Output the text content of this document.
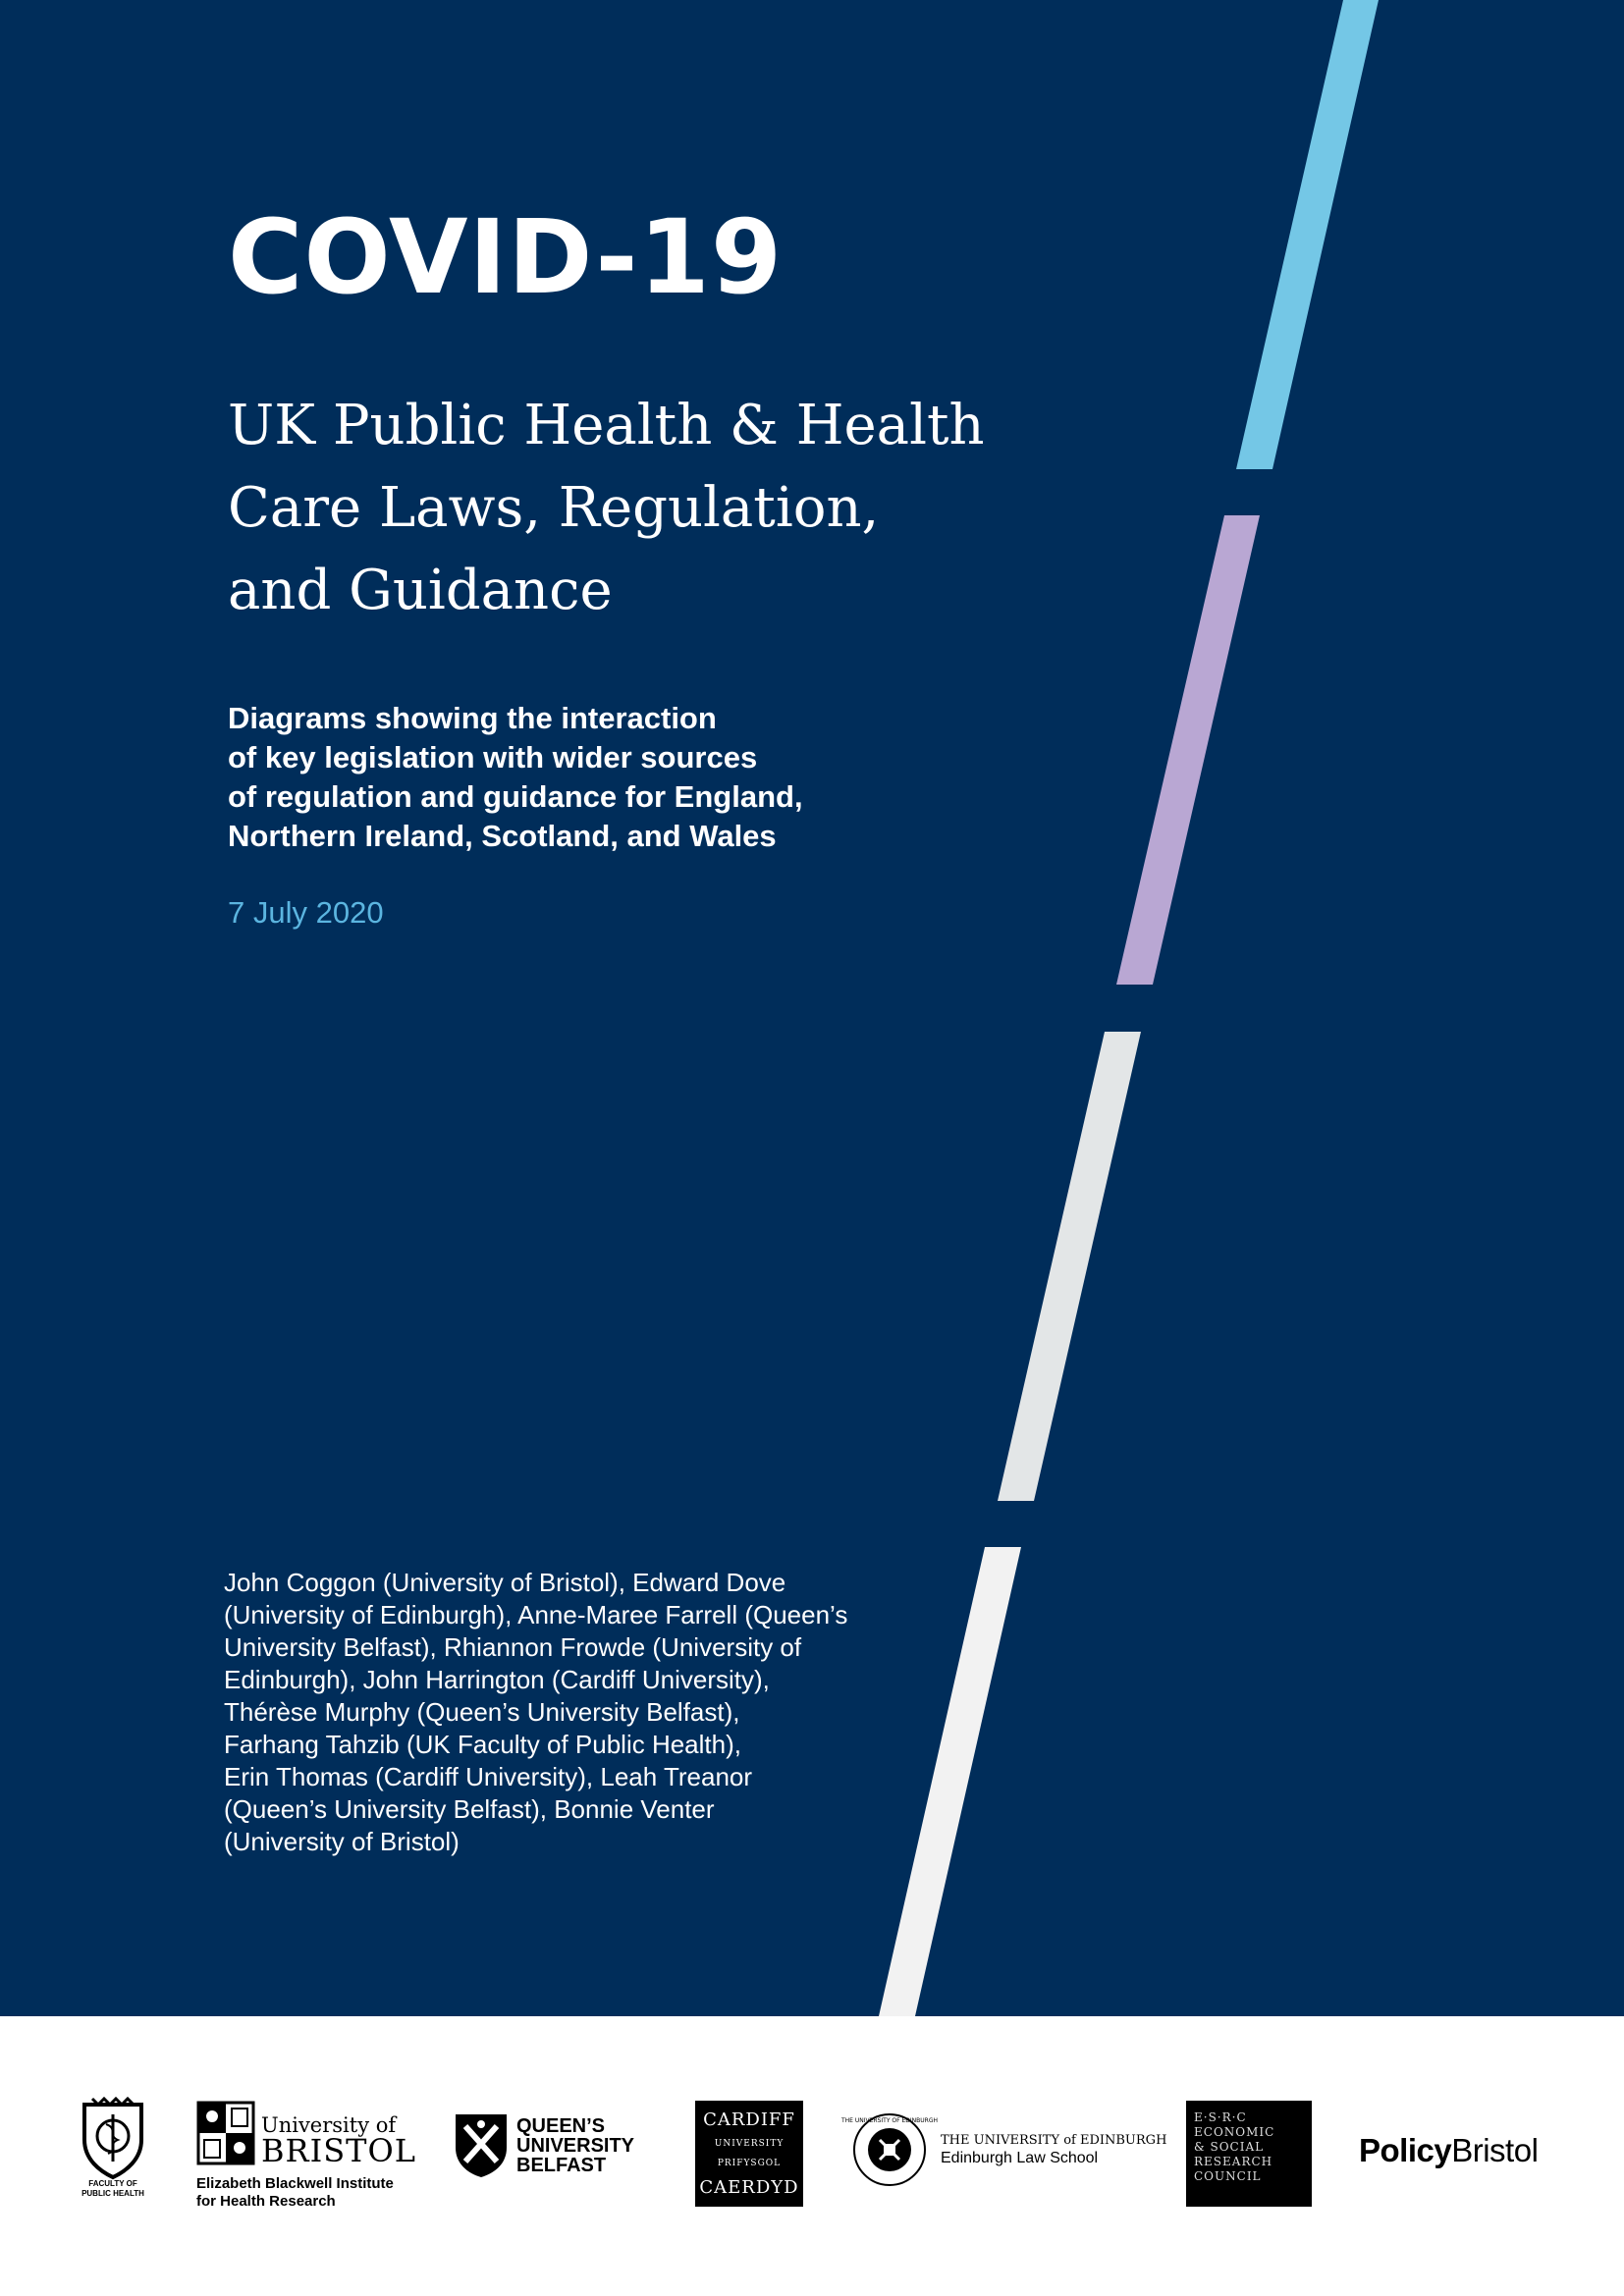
COVID-19
UK Public Health & Health
Care Laws, Regulation,
and Guidance

Diagrams showing the interaction
of key legislation with wider sources
of regulation and guidance for England,
Northern Ireland, Scotland, and Wales

7 July 2020

John Coggon (University of Bristol), Edward Dove
(University of Edinburgh), Anne-Maree Farrell (Queen’s
University Belfast), Rhiannon Frowde (University of
Edinburgh), John Harrington (Cardiff University),
Thérèse Murphy (Queen’s University Belfast),
Farhang Tahzib (UK Faculty of Public Health),
Erin Thomas (Cardiff University), Leah Treanor
(Queen’s University Belfast), Bonnie Venter
(University of Bristol)

FACULTY OF
PUBLIC HEALTH
University of
BRISTOL
Elizabeth Blackwell Institute
for Health Research
QUEEN’S
UNIVERSITY
BELFAST
CARDIFF
UNIVERSITY
PRIFYSGOL
CAERDYD
THE UNIVERSITY OF EDINBURGH
THE UNIVERSITY of EDINBURGH
Edinburgh Law School
E·S·R·C
ECONOMIC
& SOCIAL
RESEARCH
COUNCIL
Policy Bristol
